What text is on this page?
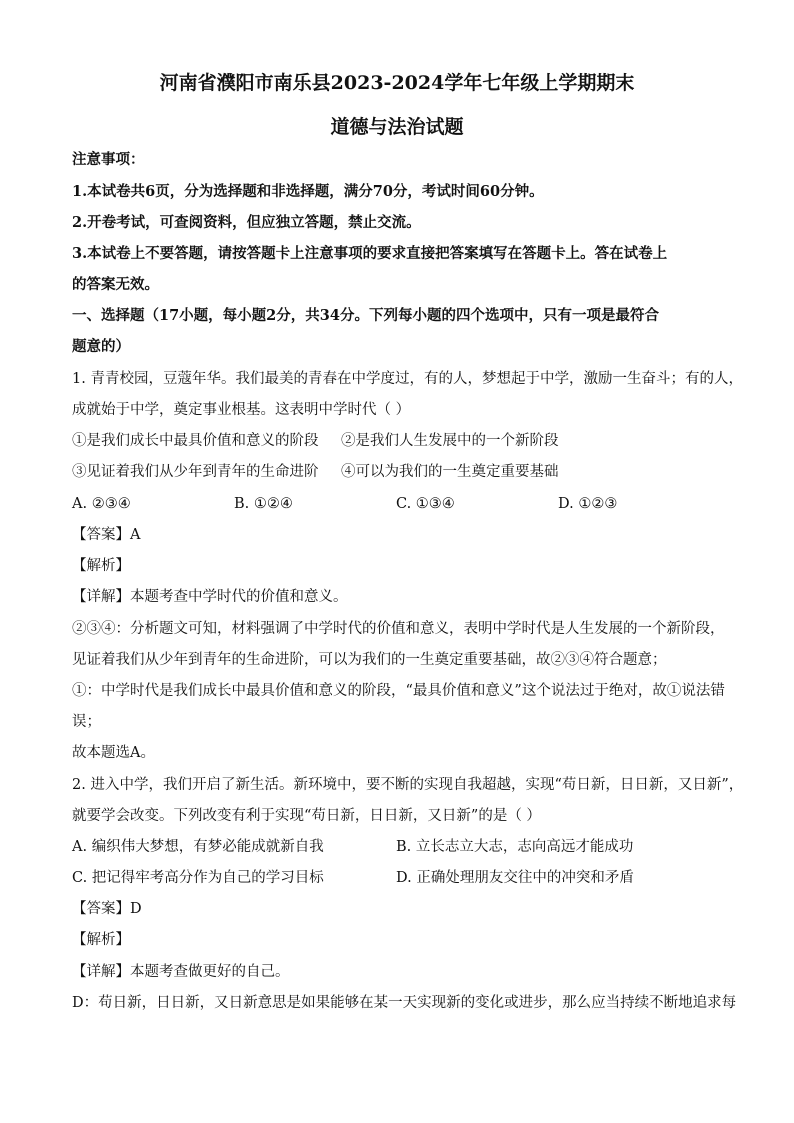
河南省濮阳市南乐县2023-2024学年七年级上学期期末
道德与法治试题
注意事项：
1.本试卷共6页，分为选择题和非选择题，满分70分，考试时间60分钟。
2.开卷考试，可查阅资料，但应独立答题，禁止交流。
3.本试卷上不要答题，请按答题卡上注意事项的要求直接把答案填写在答题卡上。答在试卷上
的答案无效。
一、选择题（17小题，每小题2分，共34分。下列每小题的四个选项中，只有一项是最符合
题意的）
1. 青青校园，豆蔻年华。我们最美的青春在中学度过，有的人，梦想起于中学，激励一生奋斗；有的人，
成就始于中学，奠定事业根基。这表明中学时代（ ）
①是我们成长中最具价值和意义的阶段 ②是我们人生发展中的一个新阶段
③见证着我们从少年到青年的生命进阶 ④可以为我们的一生奠定重要基础
A. ②③④	B. ①②④	C. ①③④	D. ①②③
【答案】A
【解析】
【详解】本题考查中学时代的价值和意义。
②③④：分析题文可知，材料强调了中学时代的价值和意义，表明中学时代是人生发展的一个新阶段，
见证着我们从少年到青年的生命进阶，可以为我们的一生奠定重要基础，故②③④符合题意；
①：中学时代是我们成长中最具价值和意义的阶段，“最具价值和意义”这个说法过于绝对，故①说法错
误；
故本题选A。
2. 进入中学，我们开启了新生活。新环境中，要不断的实现自我超越，实现“苟日新，日日新，又日新”，
就要学会改变。下列改变有利于实现“苟日新，日日新，又日新”的是（ ）
A. 编织伟大梦想，有梦必能成就新自我	B. 立长志立大志，志向高远才能成功
C. 把记得牢考高分作为自己的学习目标	D. 正确处理朋友交往中的冲突和矛盾
【答案】D
【解析】
【详解】本题考查做更好的自己。
D：苟日新，日日新，又日新意思是如果能够在某一天实现新的变化或进步，那么应当持续不断地追求每
